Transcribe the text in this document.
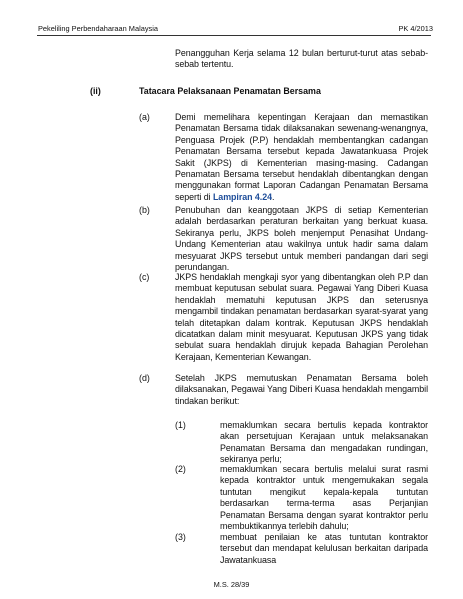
Pekeliling Perbendaharaan Malaysia	PK 4/2013
Penangguhan Kerja selama 12 bulan berturut-turut atas sebab-sebab tertentu.
(ii)	Tatacara Pelaksanaan Penamatan Bersama
(a)	Demi memelihara kepentingan Kerajaan dan memastikan Penamatan Bersama tidak dilaksanakan sewenang-wenangnya, Penguasa Projek (P.P) hendaklah membentangkan cadangan Penamatan Bersama tersebut kepada Jawatankuasa Projek Sakit (JKPS) di Kementerian masing-masing. Cadangan Penamatan Bersama tersebut hendaklah dibentangkan dengan menggunakan format Laporan Cadangan Penamatan Bersama seperti di Lampiran 4.24.
(b)	Penubuhan dan keanggotaan JKPS di setiap Kementerian adalah berdasarkan peraturan berkaitan yang berkuat kuasa. Sekiranya perlu, JKPS boleh menjemput Penasihat Undang-Undang Kementerian atau wakilnya untuk hadir sama dalam mesyuarat JKPS tersebut untuk memberi pandangan dari segi perundangan.
(c)	JKPS hendaklah mengkaji syor yang dibentangkan oleh P.P dan membuat keputusan sebulat suara. Pegawai Yang Diberi Kuasa hendaklah mematuhi keputusan JKPS dan seterusnya mengambil tindakan penamatan berdasarkan syarat-syarat yang telah ditetapkan dalam kontrak. Keputusan JKPS hendaklah dicatatkan dalam minit mesyuarat. Keputusan JKPS yang tidak sebulat suara hendaklah dirujuk kepada Bahagian Perolehan Kerajaan, Kementerian Kewangan.
(d)	Setelah JKPS memutuskan Penamatan Bersama boleh dilaksanakan, Pegawai Yang Diberi Kuasa hendaklah mengambil tindakan berikut:
(1)	memaklumkan secara bertulis kepada kontraktor akan persetujuan Kerajaan untuk melaksanakan Penamatan Bersama dan mengadakan rundingan, sekiranya perlu;
(2)	memaklumkan secara bertulis melalui surat rasmi kepada kontraktor untuk mengemukakan segala tuntutan mengikut kepala-kepala tuntutan berdasarkan terma-terma asas Perjanjian Penamatan Bersama dengan syarat kontraktor perlu membuktikannya terlebih dahulu;
(3)	membuat penilaian ke atas tuntutan kontraktor tersebut dan mendapat kelulusan berkaitan daripada Jawatankuasa
M.S. 28/39
